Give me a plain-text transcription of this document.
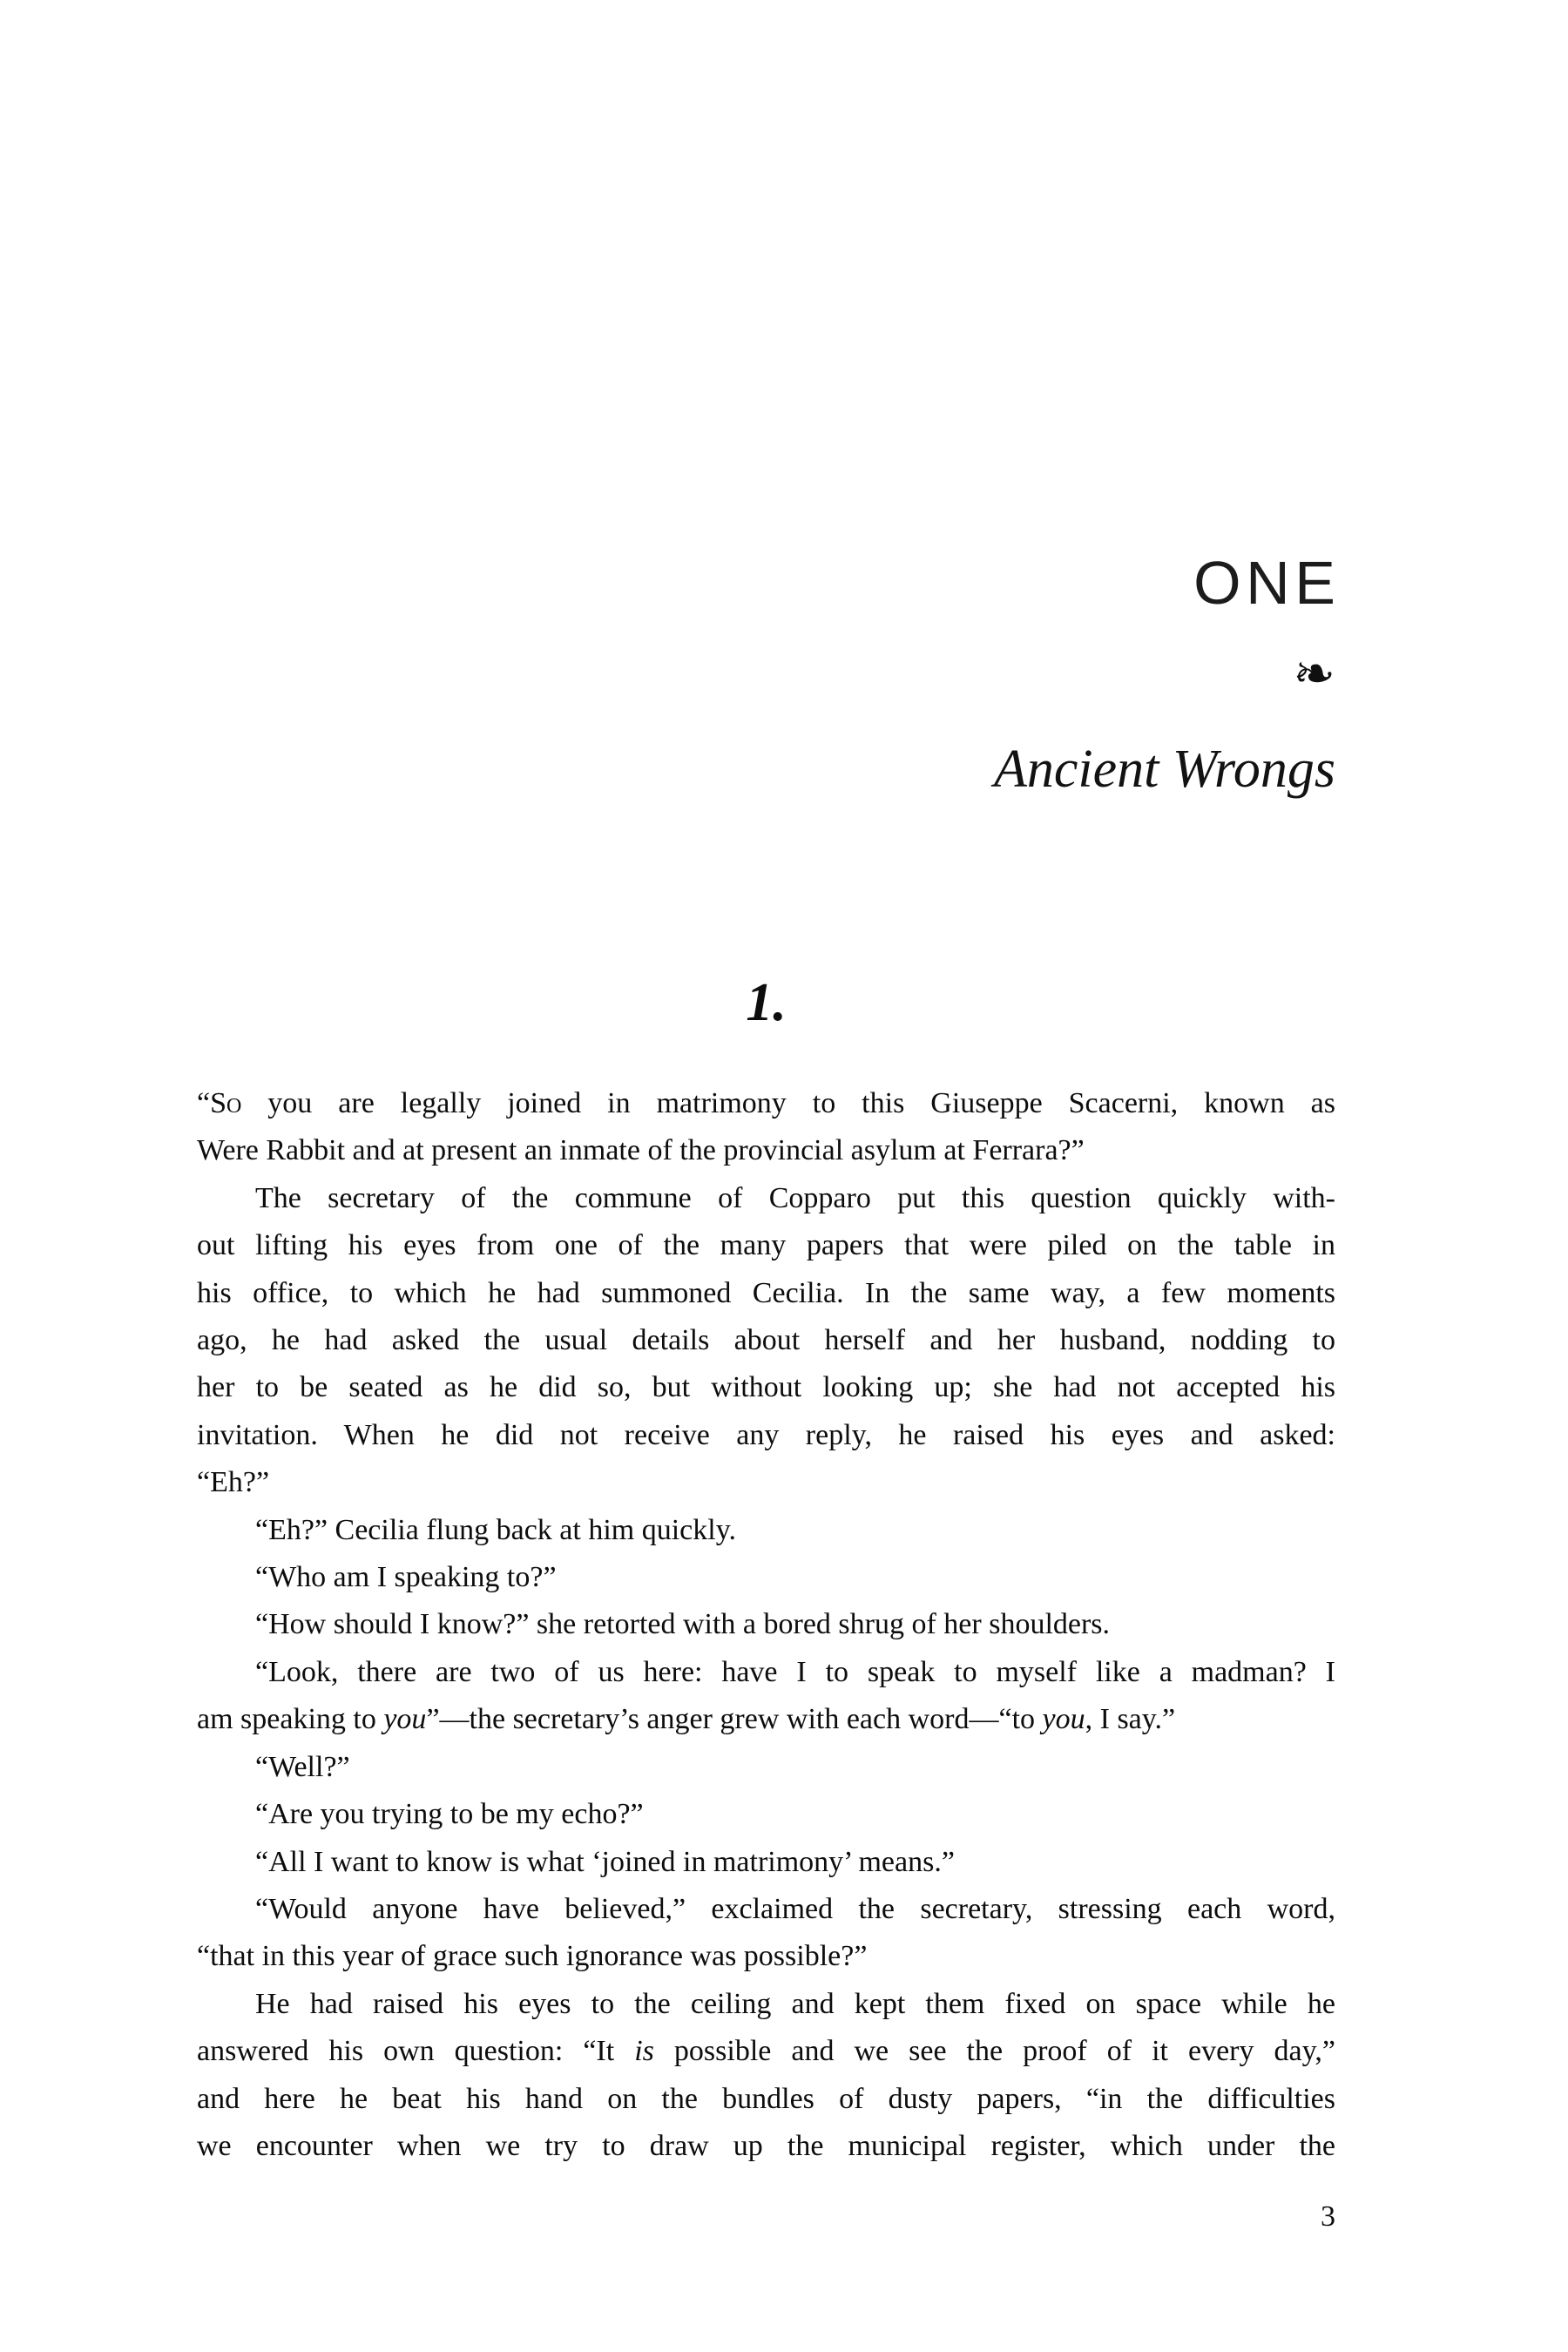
ONE
❧
Ancient Wrongs
1.
“So you are legally joined in matrimony to this Giuseppe Scacerni, known as
Were Rabbit and at present an inmate of the provincial asylum at Ferrara?”
The secretary of the commune of Copparo put this question quickly with-
out lifting his eyes from one of the many papers that were piled on the table in
his office, to which he had summoned Cecilia. In the same way, a few moments
ago, he had asked the usual details about herself and her husband, nodding to
her to be seated as he did so, but without looking up; she had not accepted his
invitation. When he did not receive any reply, he raised his eyes and asked:
“Eh?”
“Eh?” Cecilia flung back at him quickly.
“Who am I speaking to?”
“How should I know?” she retorted with a bored shrug of her shoulders.
“Look, there are two of us here: have I to speak to myself like a madman? I
am speaking to you”—the secretary’s anger grew with each word—“to you, I say.”
“Well?”
“Are you trying to be my echo?”
“All I want to know is what ‘joined in matrimony’ means.”
“Would anyone have believed,” exclaimed the secretary, stressing each word,
“that in this year of grace such ignorance was possible?”
He had raised his eyes to the ceiling and kept them fixed on space while he
answered his own question: “It is possible and we see the proof of it every day,”
and here he beat his hand on the bundles of dusty papers, “in the difficulties
we encounter when we try to draw up the municipal register, which under the
3
